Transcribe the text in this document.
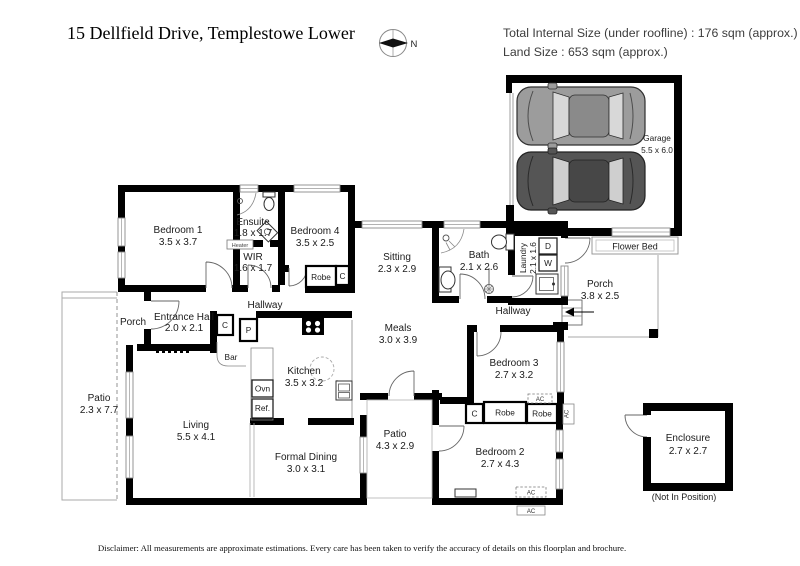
15 Dellfield Drive, Templestowe Lower
N
Total Internal Size (under roofline) : 176 sqm (approx.)
Land Size : 653 sqm (approx.)
Garage
5.5 x 6.0
Flower Bed
Porch
3.8 x 2.5
Patio
2.3 x 7.7
Porch
Heater	D
W
Ovn
Ref.
C P
Bar
Robe C
C Robe Robe
AC
AC
AC
AC
Enclosure
2.7 x 2.7
(Not In Position)
Bedroom 1
3.5 x 3.7
Ensuite
1.8 x 1.7
WIR
1.6 x 1.7
Bedroom 4
3.5 x 2.5
Sitting
2.3 x 2.9
Bath
2.1 x 2.6 Laundry 2.1 x 1.6
Hallway
Hallway
Entrance Hall
2.0 x 2.1
Kitchen
3.5 x 3.2
Meals
3.0 x 3.9
Living
5.5 x 4.1
Formal Dining
3.0 x 3.1
Patio
4.3 x 2.9
Bedroom 3
2.7 x 3.2
Bedroom 2
2.7 x 4.3
Disclaimer: All measurements are approximate estimations. Every care has been taken to verify the accuracy of details on this floorplan and brochure.
